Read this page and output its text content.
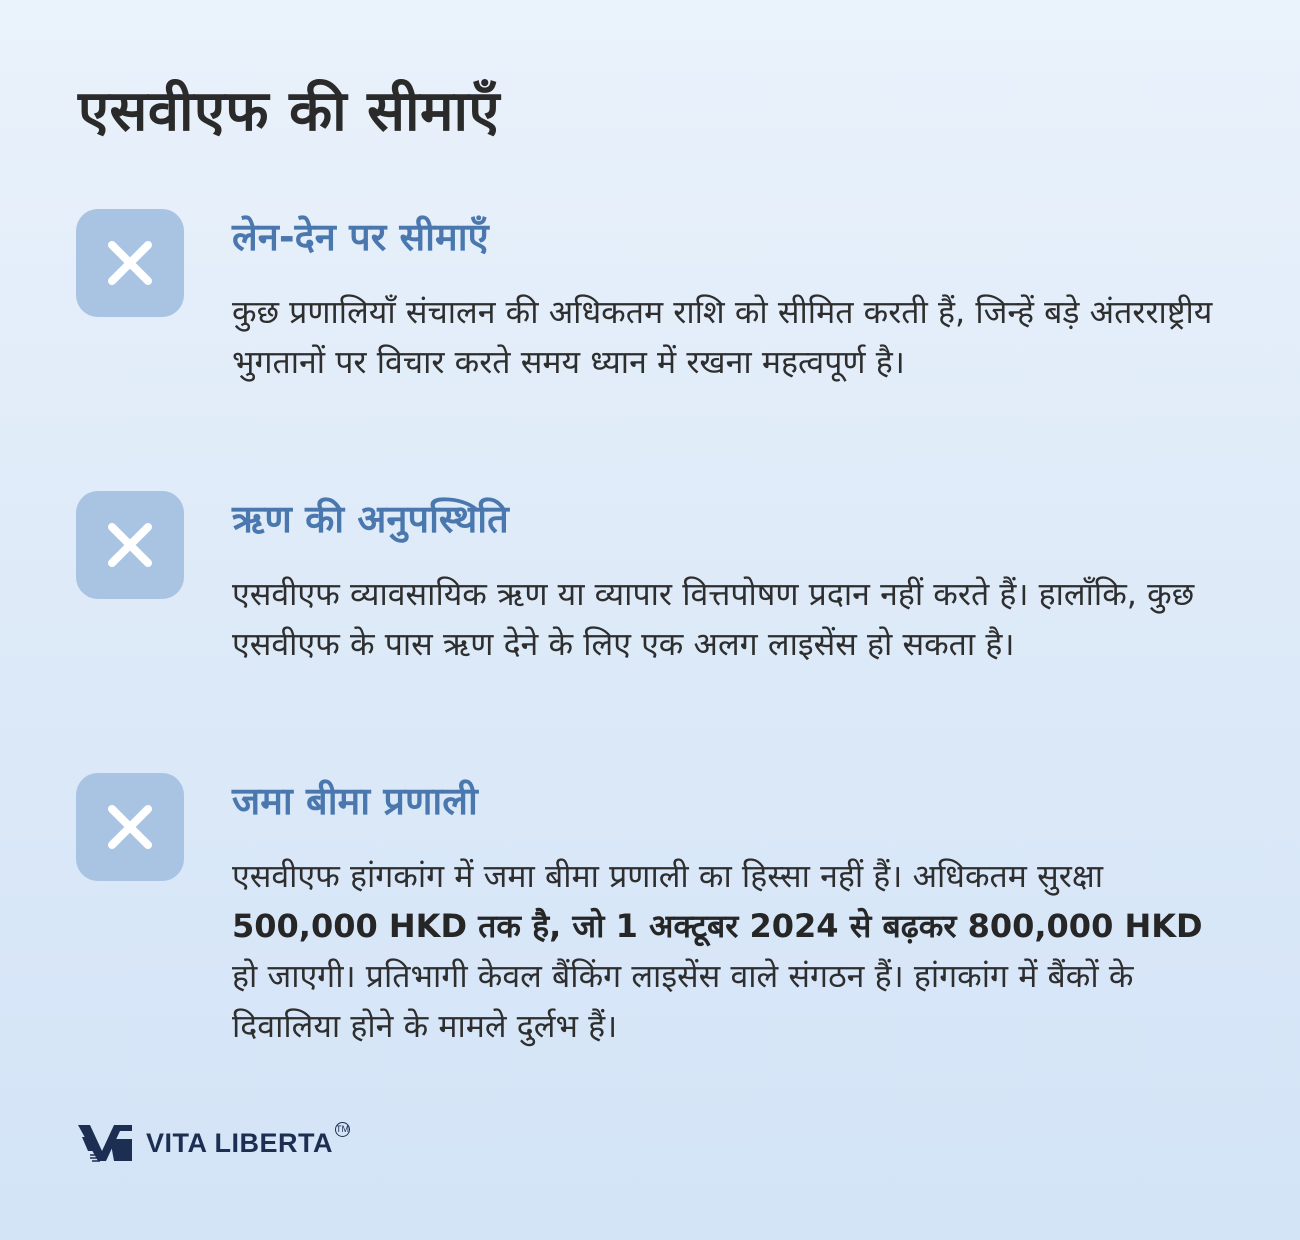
एसवीएफ की सीमाएँ
लेन-देन पर सीमाएँ

कुछ प्रणालियाँ संचालन की अधिकतम राशि को सीमित करती हैं, जिन्हें बड़े अंतरराष्ट्रीय भुगतानों पर विचार करते समय ध्यान में रखना महत्वपूर्ण है।

ऋण की अनुपस्थिति

एसवीएफ व्यावसायिक ऋण या व्यापार वित्तपोषण प्रदान नहीं करते हैं। हालाँकि, कुछ एसवीएफ के पास ऋण देने के लिए एक अलग लाइसेंस हो सकता है।

जमा बीमा प्रणाली

एसवीएफ हांगकांग में जमा बीमा प्रणाली का हिस्सा नहीं हैं। अधिकतम सुरक्षा 500,000 HKD तक है, जो 1 अक्टूबर 2024 से बढ़कर 800,000 HKD हो जाएगी। प्रतिभागी केवल बैंकिंग लाइसेंस वाले संगठन हैं। हांगकांग में बैंकों के दिवालिया होने के मामले दुर्लभ हैं।

VITA LIBERTA TM
